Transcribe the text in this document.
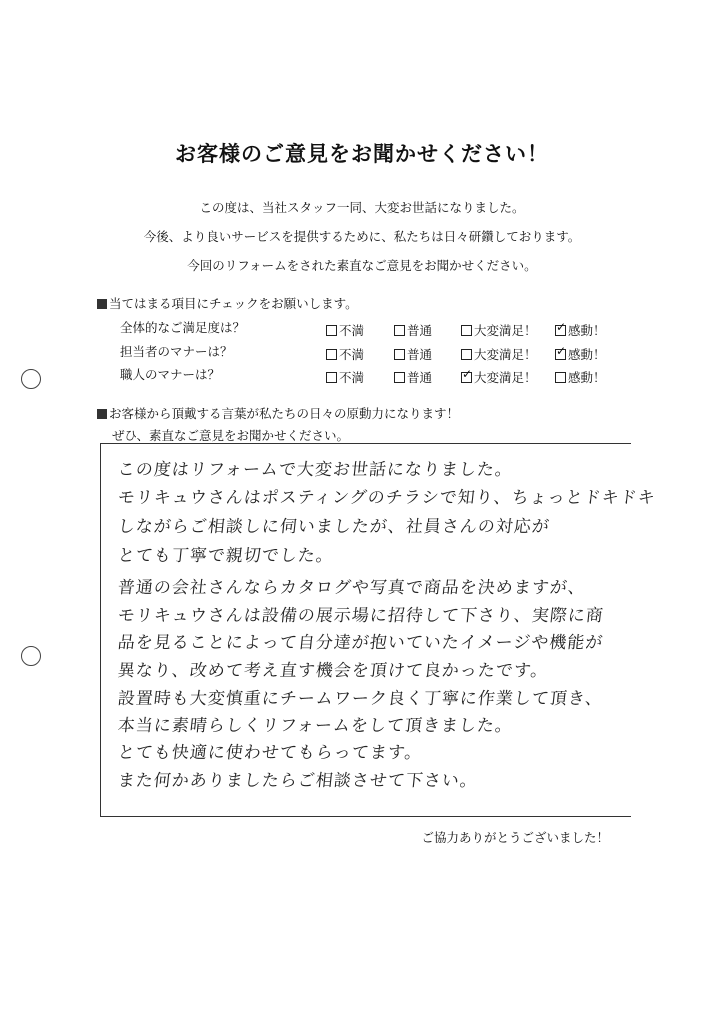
お客様のご意見をお聞かせください！
この度は、当社スタッフ一同、大変お世話になりました。
今後、より良いサービスを提供するために、私たちは日々研鑽しております。
今回のリフォームをされた素直なご意見をお聞かせください。
当てはまる項目にチェックをお願いします。
全体的なご満足度は？	不満	普通	大変満足！ ✓	感動！
担当者のマナーは？	不満	普通	大変満足！ ✓	感動！
職人のマナーは？	不満	普通 ✓	大変満足！	感動！
お客様から頂戴する言葉が私たちの日々の原動力になります！
ぜひ、素直なご意見をお聞かせください。
この度はリフォームで大変お世話になりました。
モリキュウさんはポスティングのチラシで知り、ちょっとドキドキ
しながらご相談しに伺いましたが、社員さんの対応が
とても丁寧で親切でした。
普通の会社さんならカタログや写真で商品を決めますが、
モリキュウさんは設備の展示場に招待して下さり、実際に商
品を見ることによって自分達が抱いていたイメージや機能が
異なり、改めて考え直す機会を頂けて良かったです。
設置時も大変慎重にチームワーク良く丁寧に作業して頂き、
本当に素晴らしくリフォームをして頂きました。
とても快適に使わせてもらってます。
また何かありましたらご相談させて下さい。
ご協力ありがとうございました！
